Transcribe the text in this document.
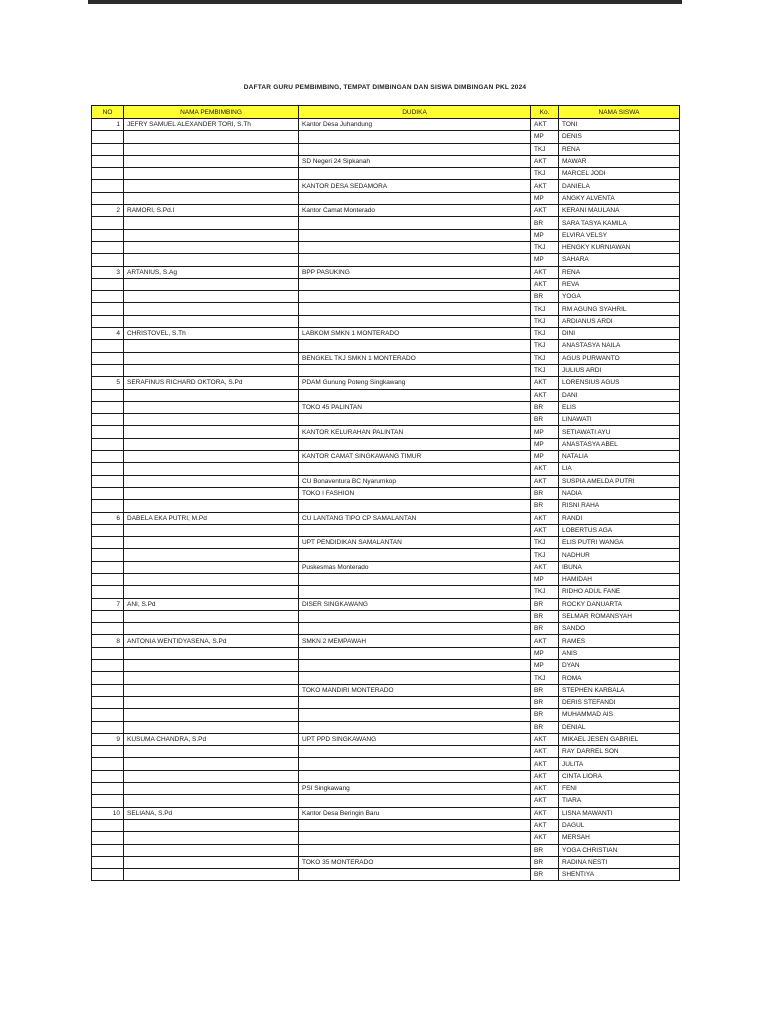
DAFTAR GURU PEMBIMBING, TEMPAT DIMBINGAN DAN SISWA DIMBINGAN PKL 2024
NO	NAMA PEMBIMBING	DUDIKA	Ko.	NAMA SISWA
1	JEFRY SAMUEL ALEXANDER TORI, S.Th	Kantor Desa Juhandung	AKT	TONI
			MP	DENIS
			TKJ	RENA
		SD Negeri 24 Sipkanah	AKT	MAWAR
			TKJ	MARCEL JODI
		KANTOR DESA SEDAMORA	AKT	DANIELA
			MP	ANGKY ALVENTA
2	RAMORI, S.Pd.I	Kantor Camat Monterado	AKT	KERANI MAULANA
			BR	SARA TASYA KAMILA
			MP	ELVIRA VELSY
			TKJ	HENGKY KURNIAWAN
			MP	SAHARA
3	ARTANIUS, S.Ag	BPP PASUKING	AKT	RENA
			AKT	REVA
			BR	YOGA
			TKJ	RM AGUNG SYAHRIL
			TKJ	ARDIANUS ARDI
4	CHRISTOVEL, S.Th	LABKOM SMKN 1 MONTERADO	TKJ	DINI
			TKJ	ANASTASYA NAILA
		BENGKEL TKJ SMKN 1 MONTERADO	TKJ	AGUS PURWANTO
			TKJ	JULIUS ARDI
5	SERAFINUS RICHARD OKTORA, S.Pd	PDAM Gunung Poteng Singkawang	AKT	LORENSIUS AGUS
			AKT	DANI
		TOKO 45 PALINTAN	BR	ELIS
			BR	LINAWATI
		KANTOR KELURAHAN PALINTAN	MP	SETIAWATI AYU
			MP	ANASTASYA ABEL
		KANTOR CAMAT SINGKAWANG TIMUR	MP	NATALIA
			AKT	LIA
		CU Bonaventura BC Nyarumkop	AKT	SUSPIA AMELDA PUTRI
		TOKO I FASHION	BR	NADIA
			BR	RISNI RAHA
6	DABELA EKA PUTRI, M.Pd	CU LANTANG TIPO CP SAMALANTAN	AKT	RANDI
			AKT	LOBERTUS AGA
		UPT PENDIDIKAN SAMALANTAN	TKJ	ELIS PUTRI WANGA
			TKJ	NADHUR
		Puskesmas Monterado	AKT	IBUNA
			MP	HAMIDAH
			TKJ	RIDHO ADUL FANE
7	ANI, S.Pd	DISER SINGKAWANG	BR	ROCKY DANUARTA
			BR	SELMAR ROMANSYAH
			BR	SANDO
8	ANTONIA WENTIDYASENA, S.Pd	SMKN 2 MEMPAWAH	AKT	RAMES
			MP	ANIS
			MP	DYAN
			TKJ	ROMA
		TOKO MANDIRI MONTERADO	BR	STEPHEN KARBALA
			BR	DERIS STEFANDI
			BR	MUHAMMAD AIS
			BR	DENIAL
9	KUSUMA CHANDRA, S.Pd	UPT PPD SINGKAWANG	AKT	MIKAEL JESEN GABRIEL
			AKT	RAY DARREL SON
			AKT	JULITA
			AKT	CINTA LIORA
		PSI Singkawang	AKT	FENI
			AKT	TIARA
10	SELIANA, S.Pd	Kantor Desa Beringin Baru	AKT	LISNA MAWANTI
			AKT	DAGUL
			AKT	MERSAH
			BR	YOGA CHRISTIAN
		TOKO 35 MONTERADO	BR	RADINA NESTI
			BR	SHENTIYA
